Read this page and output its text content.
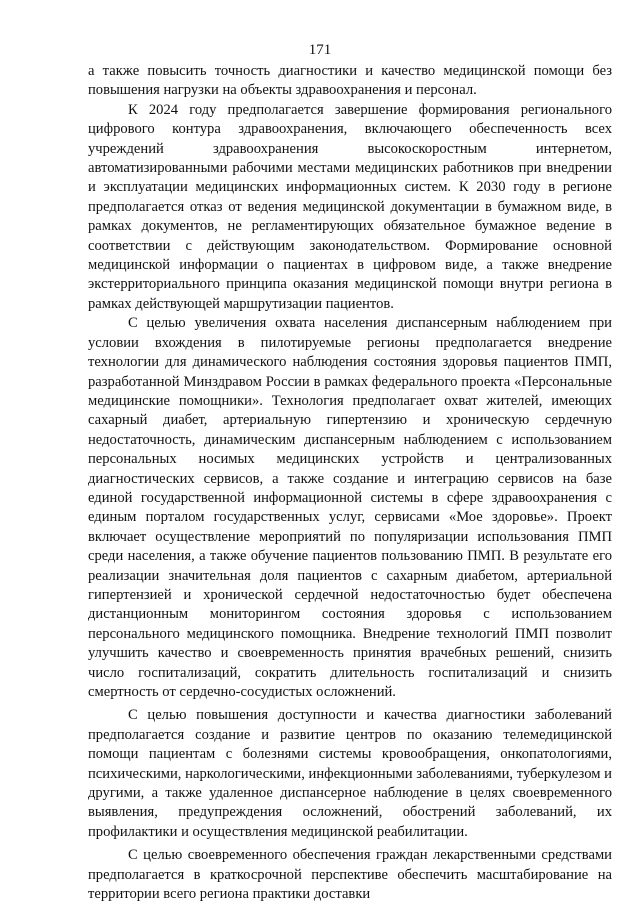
171

а также повысить точность диагностики и качество медицинской помощи без повышения нагрузки на объекты здравоохранения и персонал.

К 2024 году предполагается завершение формирования регионального цифрового контура здравоохранения, включающего обеспеченность всех учреждений здравоохранения высокоскоростным интернетом, автоматизированными рабочими местами медицинских работников при внедрении и эксплуатации медицинских информационных систем. К 2030 году в регионе предполагается отказ от ведения медицинской документации в бумажном виде, в рамках документов, не регламентирующих обязательное бумажное ведение в соответствии с действующим законодательством. Формирование основной медицинской информации о пациентах в цифровом виде, а также внедрение экстерриториального принципа оказания медицинской помощи внутри региона в рамках действующей маршрутизации пациентов.

С целью увеличения охвата населения диспансерным наблюдением при условии вхождения в пилотируемые регионы предполагается внедрение технологии для динамического наблюдения состояния здоровья пациентов ПМП, разработанной Минздравом России в рамках федерального проекта «Персональные медицинские помощники». Технология предполагает охват жителей, имеющих сахарный диабет, артериальную гипертензию и хроническую сердечную недостаточность, динамическим диспансерным наблюдением с использованием персональных носимых медицинских устройств и централизованных диагностических сервисов, а также создание и интеграцию сервисов на базе единой государственной информационной системы в сфере здравоохранения с единым порталом государственных услуг, сервисами «Мое здоровье». Проект включает осуществление мероприятий по популяризации использования ПМП среди населения, а также обучение пациентов пользованию ПМП. В результате его реализации значительная доля пациентов с сахарным диабетом, артериальной гипертензией и хронической сердечной недостаточностью будет обеспечена дистанционным мониторингом состояния здоровья с использованием персонального медицинского помощника. Внедрение технологий ПМП позволит улучшить качество и своевременность принятия врачебных решений, снизить число госпитализаций, сократить длительность госпитализаций и снизить смертность от сердечно-сосудистых осложнений.

С целью повышения доступности и качества диагностики заболеваний предполагается создание и развитие центров по оказанию телемедицинской помощи пациентам с болезнями системы кровообращения, онкопатологиями, психическими, наркологическими, инфекционными заболеваниями, туберкулезом и другими, а также удаленное диспансерное наблюдение в целях своевременного выявления, предупреждения осложнений, обострений заболеваний, их профилактики и осуществления медицинской реабилитации.

С целью своевременного обеспечения граждан лекарственными средствами предполагается в краткосрочной перспективе обеспечить масштабирование на территории всего региона практики доставки
